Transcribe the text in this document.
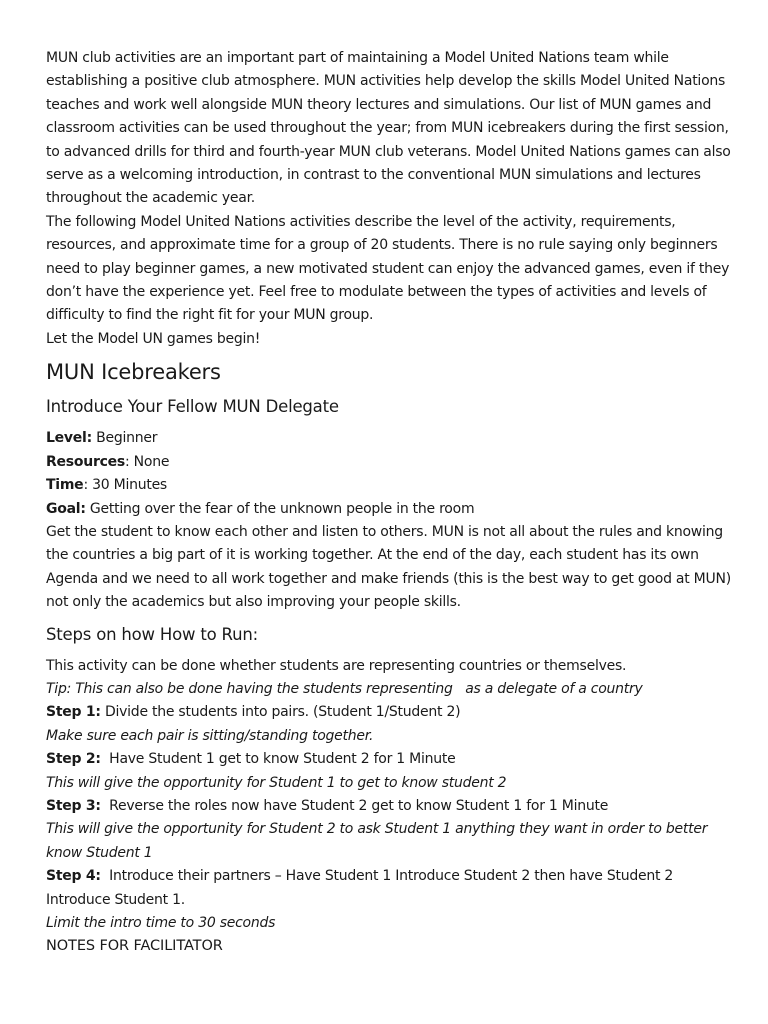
MUN club activities are an important part of maintaining a Model United Nations team while establishing a positive club atmosphere. MUN activities help develop the skills Model United Nations teaches and work well alongside MUN theory lectures and simulations. Our list of MUN games and classroom activities can be used throughout the year; from MUN icebreakers during the first session, to advanced drills for third and fourth-year MUN club veterans. Model United Nations games can also serve as a welcoming introduction, in contrast to the conventional MUN simulations and lectures throughout the academic year.

The following Model United Nations activities describe the level of the activity, requirements, resources, and approximate time for a group of 20 students. There is no rule saying only beginners need to play beginner games, a new motivated student can enjoy the advanced games, even if they don’t have the experience yet. Feel free to modulate between the types of activities and levels of difficulty to find the right fit for your MUN group.

Let the Model UN games begin!

MUN Icebreakers
Introduce Your Fellow MUN Delegate

Level: Beginner

Resources: None

Time: 30 Minutes

Goal: Getting over the fear of the unknown people in the room

Get the student to know each other and listen to others. MUN is not all about the rules and knowing the countries a big part of it is working together. At the end of the day, each student has its own Agenda and we need to all work together and make friends (this is the best way to get good at MUN) not only the academics but also improving your people skills.

Steps on how How to Run:

This activity can be done whether students are representing countries or themselves.

Tip: This can also be done having the students representing   as a delegate of a country

Step 1: Divide the students into pairs. (Student 1/Student 2)

Make sure each pair is sitting/standing together.

Step 2:  Have Student 1 get to know Student 2 for 1 Minute

This will give the opportunity for Student 1 to get to know student 2

Step 3:  Reverse the roles now have Student 2 get to know Student 1 for 1 Minute

This will give the opportunity for Student 2 to ask Student 1 anything they want in order to better know Student 1

Step 4:  Introduce their partners – Have Student 1 Introduce Student 2 then have Student 2  Introduce Student 1.

Limit the intro time to 30 seconds

NOTES FOR FACILITATOR
